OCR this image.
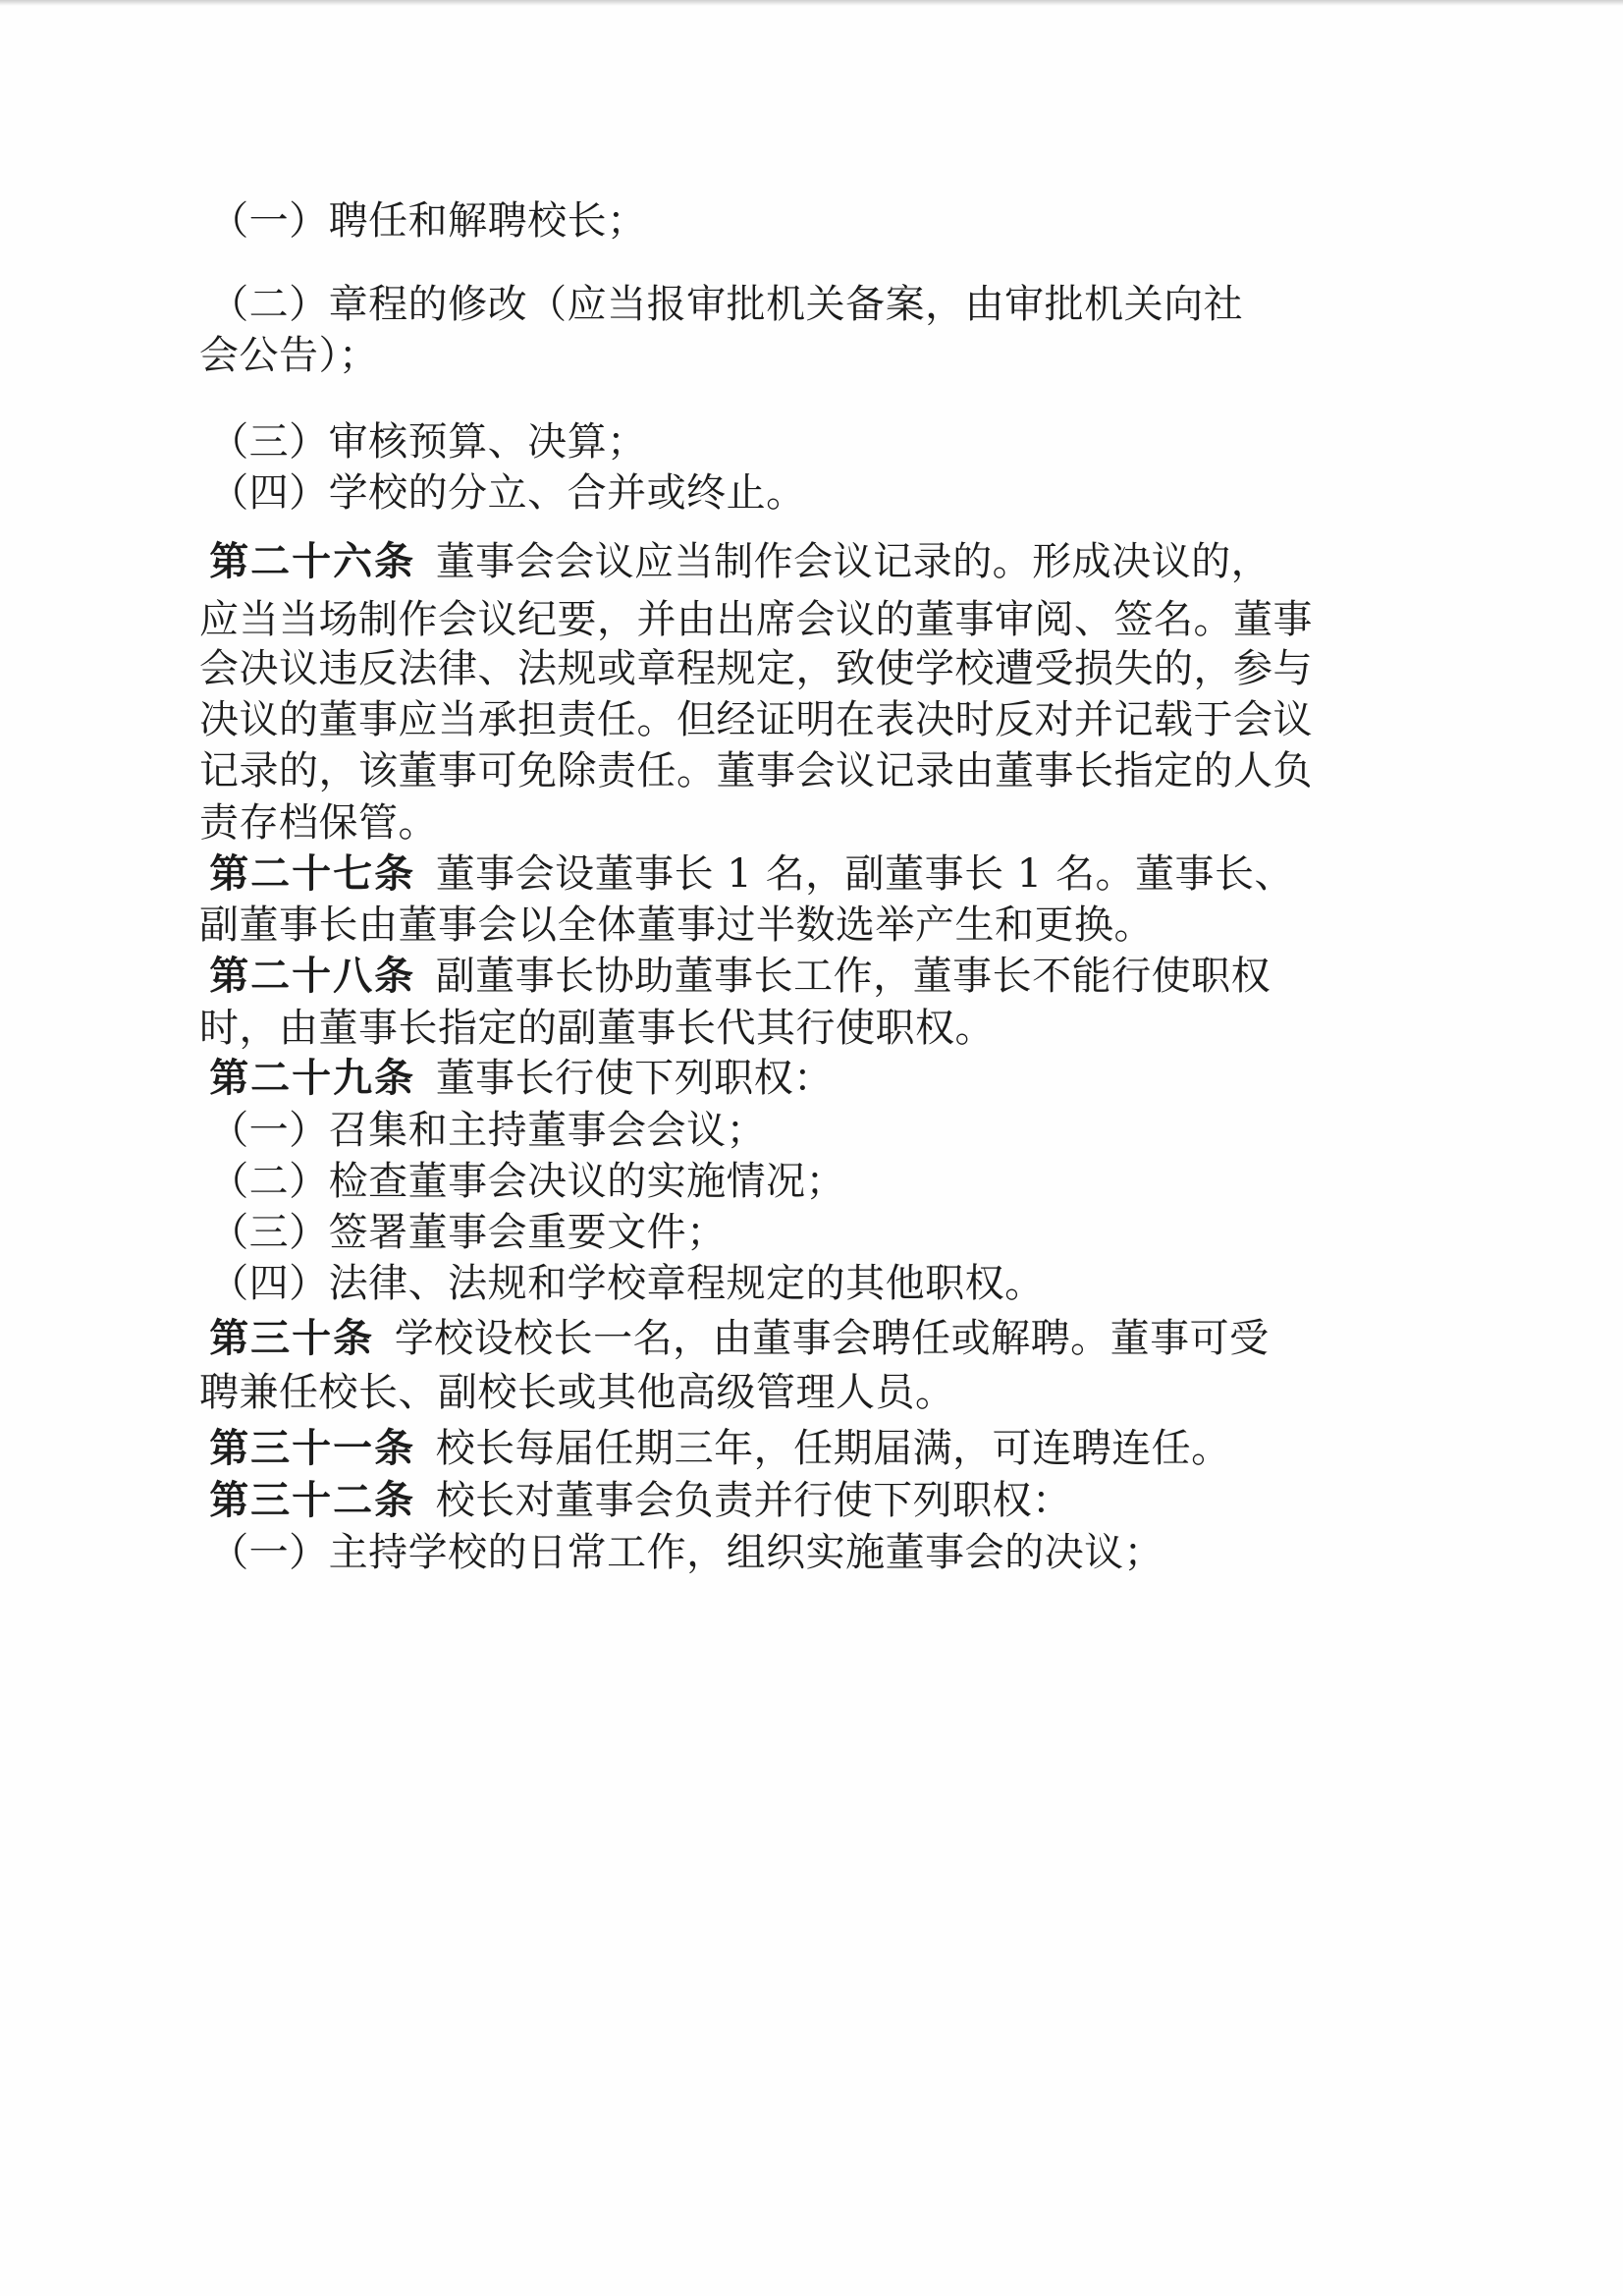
（一）聘任和解聘校长；
（二）章程的修改（应当报审批机关备案，由审批机关向社
会公告）；
（三）审核预算、决算；
（四）学校的分立、合并或终止。
第二十六条  董事会会议应当制作会议记录的。形成决议的，
应当当场制作会议纪要，并由出席会议的董事审阅、签名。董事
会决议违反法律、法规或章程规定，致使学校遭受损失的，参与
决议的董事应当承担责任。但经证明在表决时反对并记载于会议
记录的，该董事可免除责任。董事会议记录由董事长指定的人负
责存档保管。
第二十七条  董事会设董事长 1 名，副董事长 1 名。董事长、
副董事长由董事会以全体董事过半数选举产生和更换。
第二十八条  副董事长协助董事长工作，董事长不能行使职权
时，由董事长指定的副董事长代其行使职权。
第二十九条  董事长行使下列职权：
（一）召集和主持董事会会议；
（二）检查董事会决议的实施情况；
（三）签署董事会重要文件；
（四）法律、法规和学校章程规定的其他职权。
第三十条  学校设校长一名，由董事会聘任或解聘。董事可受
聘兼任校长、副校长或其他高级管理人员。
第三十一条  校长每届任期三年，任期届满，可连聘连任。
第三十二条  校长对董事会负责并行使下列职权：
（一）主持学校的日常工作，组织实施董事会的决议；
